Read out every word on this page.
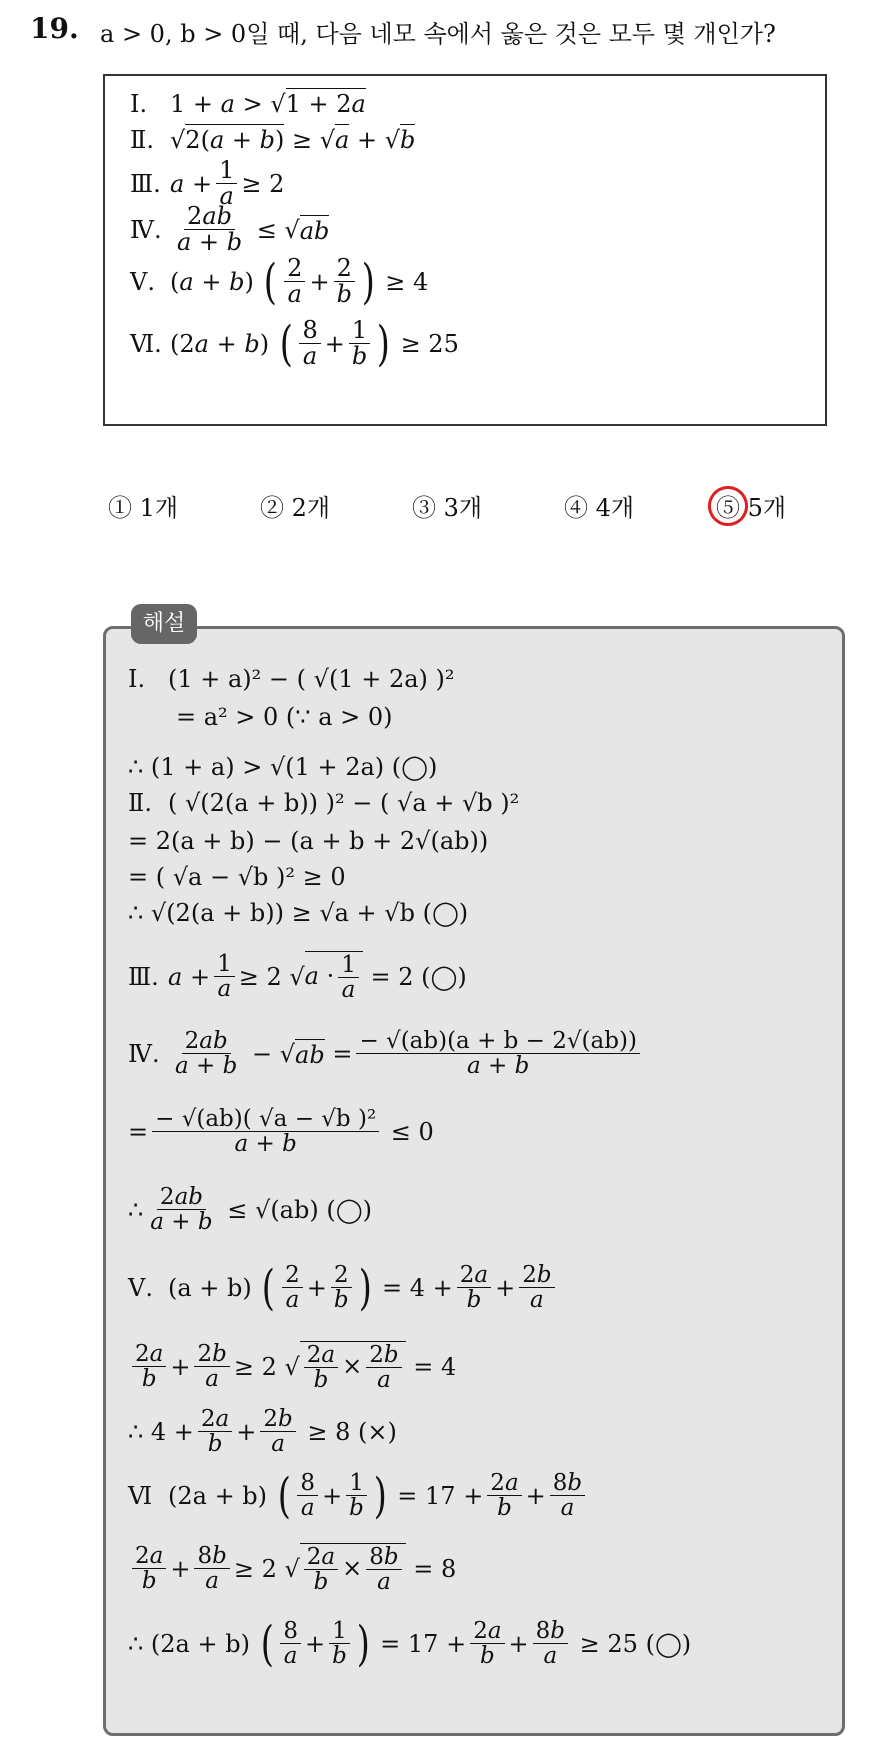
19. a > 0, b > 0일 때, 다음 네모 속에서 옳은 것은 모두 몇 개인가?
Ⅰ. 1 + a > √1 + 2a
Ⅱ. √2(a + b) ≥ √a + √b
Ⅲ. $a + \frac{1}{a} \ge 2$
Ⅳ. $\frac{2ab}{a + b}$ ≤ √ ab
Ⅴ. ( a + b ) ( $\frac{2}{a} + \frac{2}{b}$ ) ≥ 4
Ⅵ. (2 a + b ) ( $\frac{8}{a} + \frac{1}{b}$ ) ≥ 25
① 1개	② 2개	③ 3개	④ 4개	⑤ 5개
해설
Ⅰ. (1 + a)² − ( √(1 + 2a) )²
= a² > 0 (∵ a > 0)
∴ (1 + a) > √(1 + 2a) (◯)
Ⅱ. ( √(2(a + b)) )² − ( √a + √b )²
= 2(a + b) − (a + b + 2√(ab))
= ( √a − √b )² ≥ 0
∴ √(2(a + b)) ≥ √a + √b (◯)
Ⅲ. $a + \frac{1}{a} \ge 2$ √ $a \cdot \frac{1}{a}$
= 2 (◯)
Ⅳ. $\frac{2ab}{a + b}$ − √ ab = $\frac{- √(ab)(a + b - 2√(ab))}{a + b}$
= $\frac{\text{− √(ab)( √a − √b )²}}{a + b} \le 0$
∴ $\frac{2ab}{a + b}$
≤ √(ab) (◯)
Ⅴ. (a + b)
( $\frac{2}{a} + \frac{2}{b}$ )
= $4 + \frac{2a}{b} + \frac{2b}{a}$
$\frac{2a}{b} + \frac{2b}{a} \ge 2$ √ $\frac{2a}{b} \times \frac{2b}{a}$
= 4
∴ $4 + \frac{2a}{b} + \frac{2b}{a}$
≥ 8 (×)
Ⅵ (2a + b)
( $\frac{8}{a} + \frac{1}{b}$ )
= $17 + \frac{2a}{b} + \frac{8b}{a}$
$\frac{2a}{b} + \frac{8b}{a} \ge 2$ √ $\frac{2a}{b} \times \frac{8b}{a}$
= 8
∴ (2a + b)
( $\frac{8}{a} + \frac{1}{b}$ )
= $17 + \frac{2a}{b} + \frac{8b}{a}$
≥ 25 (◯)
